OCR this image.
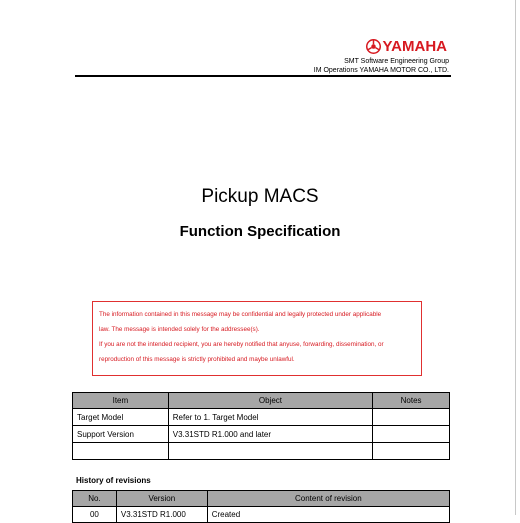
YAMAHA
SMT Software Engineering Group
IM Operations YAMAHA MOTOR CO., LTD.
Pickup MACS
Function Specification

The information contained in this message may be confidential and legally protected under applicable

law. The message is intended solely for the addressee(s).

If you are not the intended recipient, you are hereby notified that anyuse, forwarding, dissemination, or

reproduction of this message is strictly prohibited and maybe unlawful.

Item	Object	Notes
Target Model	Refer to 1. Target Model	
Support Version	V3.31STD R1.000 and later	

History of revisions
No.	Version	Content of revision
00	V3.31STD R1.000	Created
